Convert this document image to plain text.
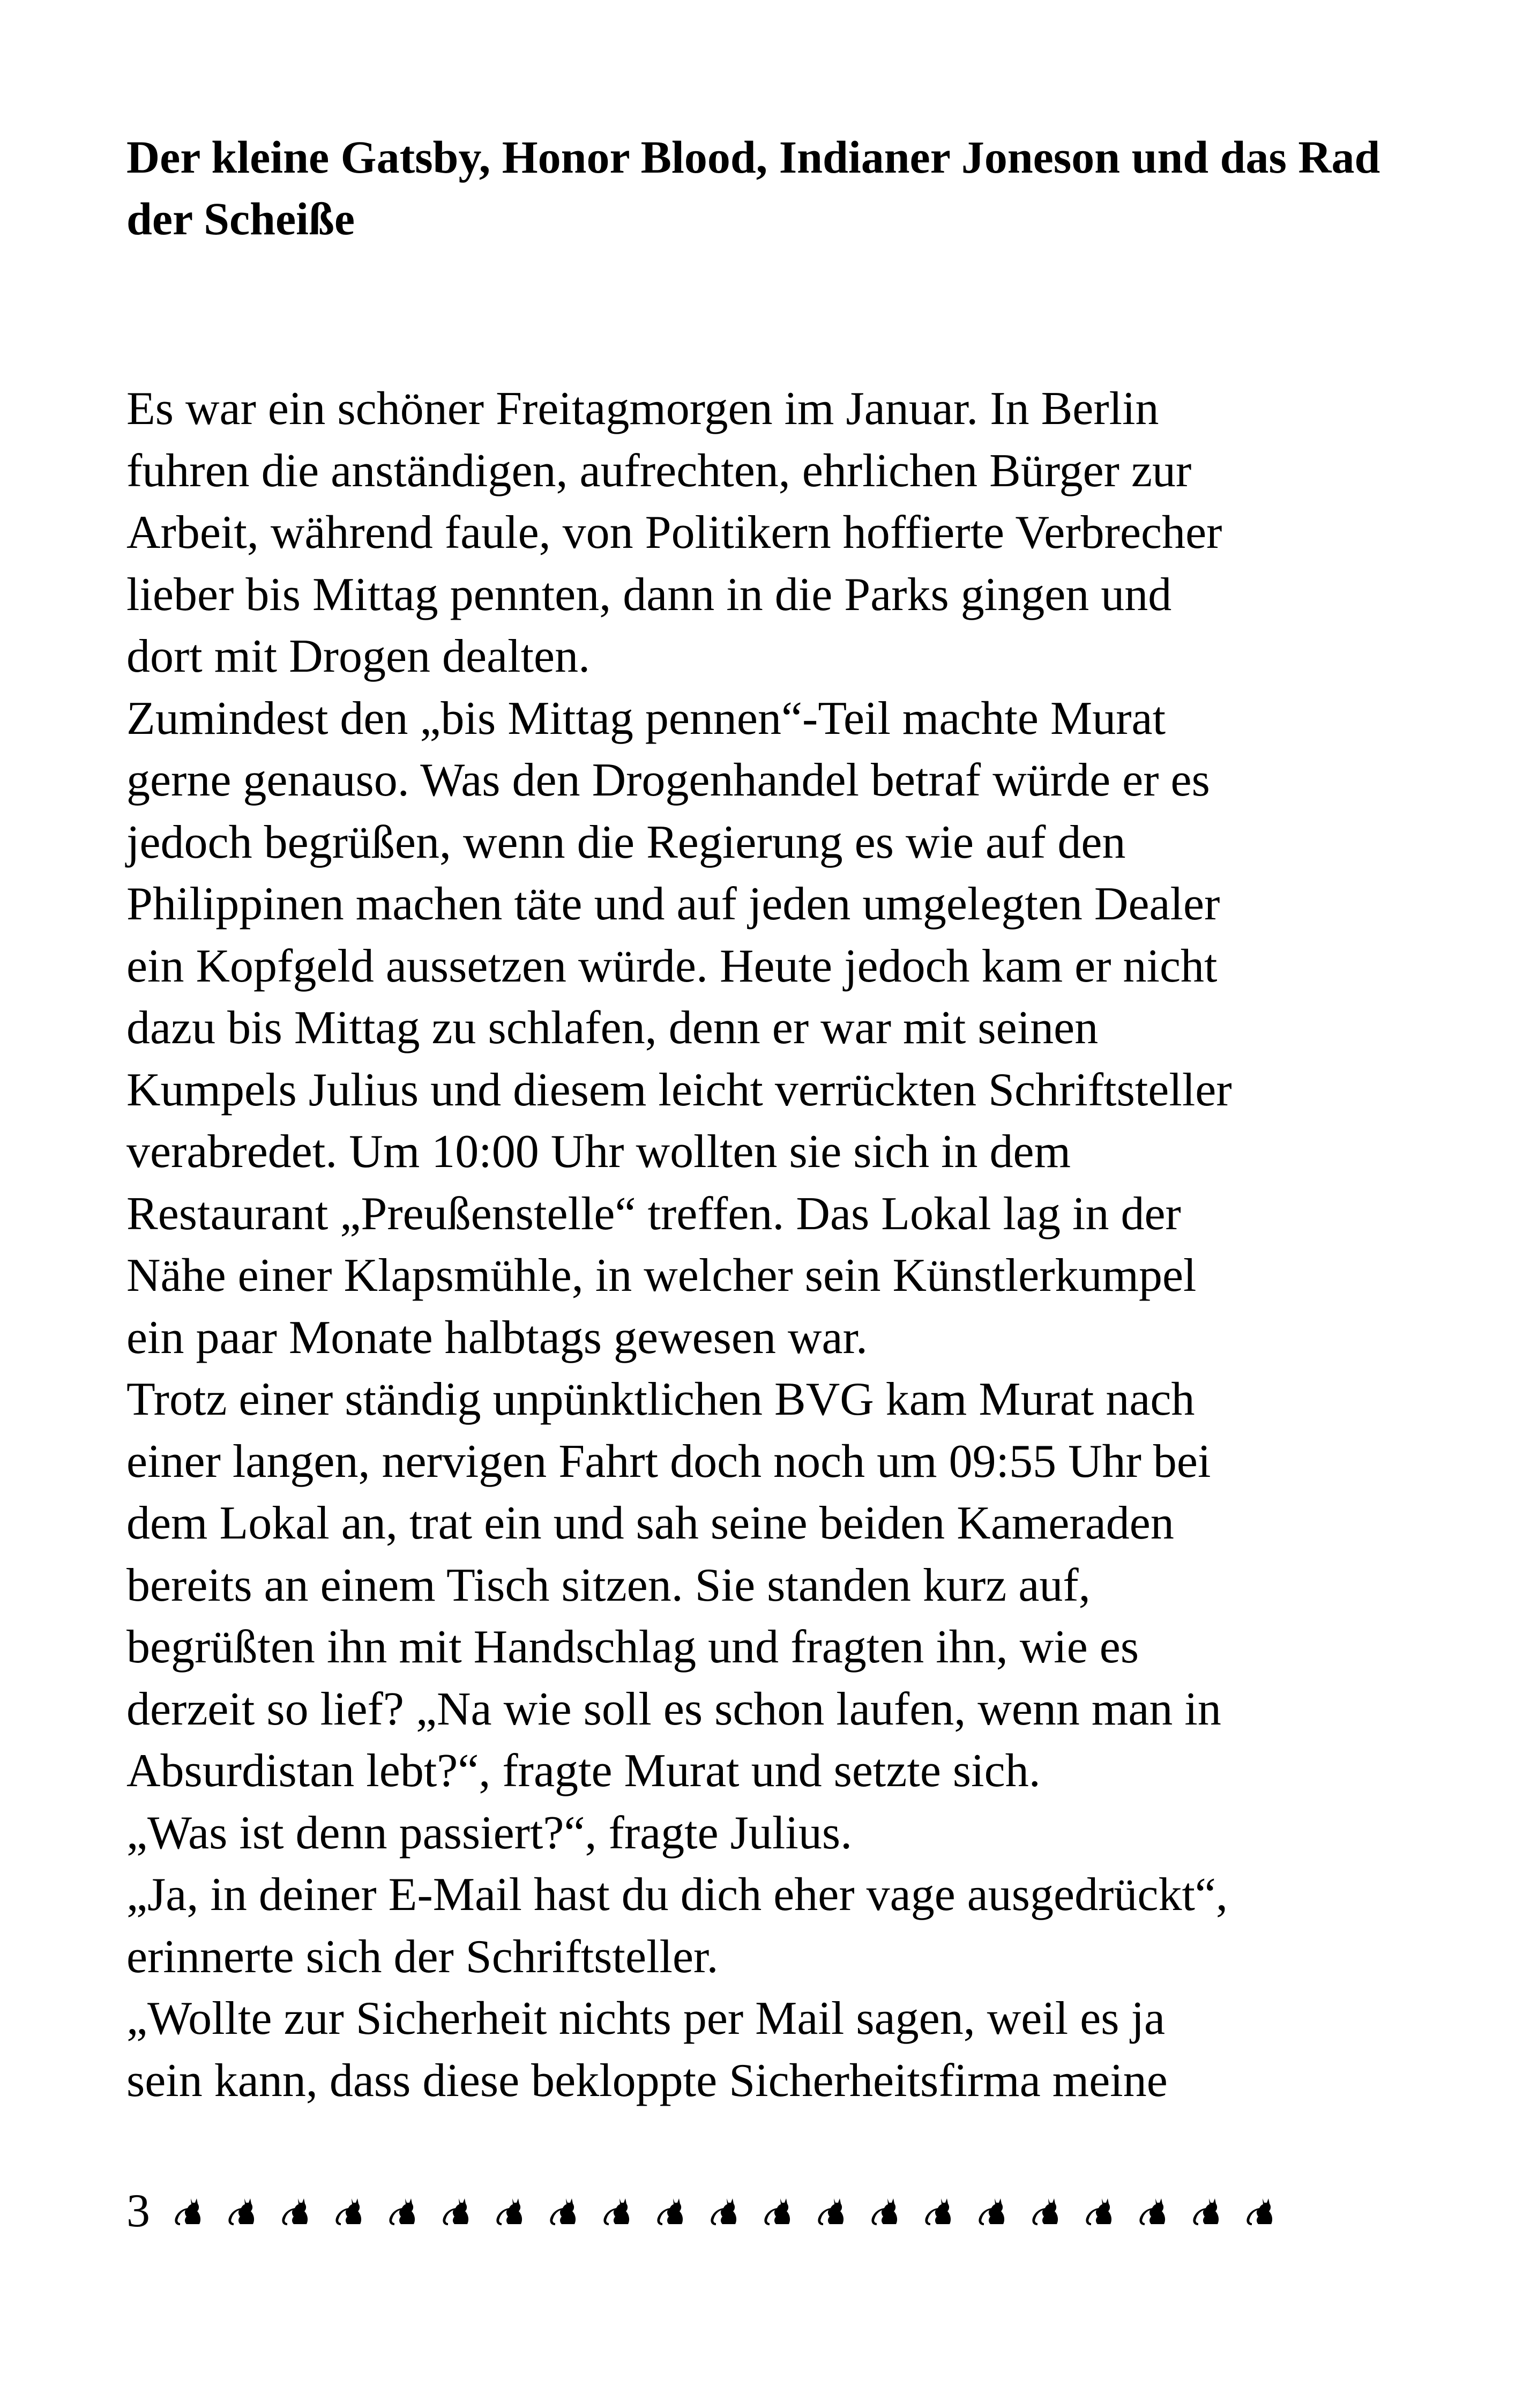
Der kleine Gatsby, Honor Blood, Indianer Joneson und das Rad der Scheiße
Es war ein schöner Freitagmorgen im Januar. In Berlin
fuhren die anständigen, aufrechten, ehrlichen Bürger zur
Arbeit, während faule, von Politikern hoffierte Verbrecher
lieber bis Mittag pennten, dann in die Parks gingen und
dort mit Drogen dealten.
Zumindest den „bis Mittag pennen“-Teil machte Murat
gerne genauso. Was den Drogenhandel betraf würde er es
jedoch begrüßen, wenn die Regierung es wie auf den
Philippinen machen täte und auf jeden umgelegten Dealer
ein Kopfgeld aussetzen würde. Heute jedoch kam er nicht
dazu bis Mittag zu schlafen, denn er war mit seinen
Kumpels Julius und diesem leicht verrückten Schriftsteller
verabredet. Um 10:00 Uhr wollten sie sich in dem
Restaurant „Preußenstelle“ treffen. Das Lokal lag in der
Nähe einer Klapsmühle, in welcher sein Künstlerkumpel
ein paar Monate halbtags gewesen war.
Trotz einer ständig unpünktlichen BVG kam Murat nach
einer langen, nervigen Fahrt doch noch um 09:55 Uhr bei
dem Lokal an, trat ein und sah seine beiden Kameraden
bereits an einem Tisch sitzen. Sie standen kurz auf,
begrüßten ihn mit Handschlag und fragten ihn, wie es
derzeit so lief? „Na wie soll es schon laufen, wenn man in
Absurdistan lebt?“, fragte Murat und setzte sich.
„Was ist denn passiert?“, fragte Julius.
„Ja, in deiner E-Mail hast du dich eher vage ausgedrückt“,
erinnerte sich der Schriftsteller.
„Wollte zur Sicherheit nichts per Mail sagen, weil es ja
sein kann, dass diese bekloppte Sicherheitsfirma meine
3
